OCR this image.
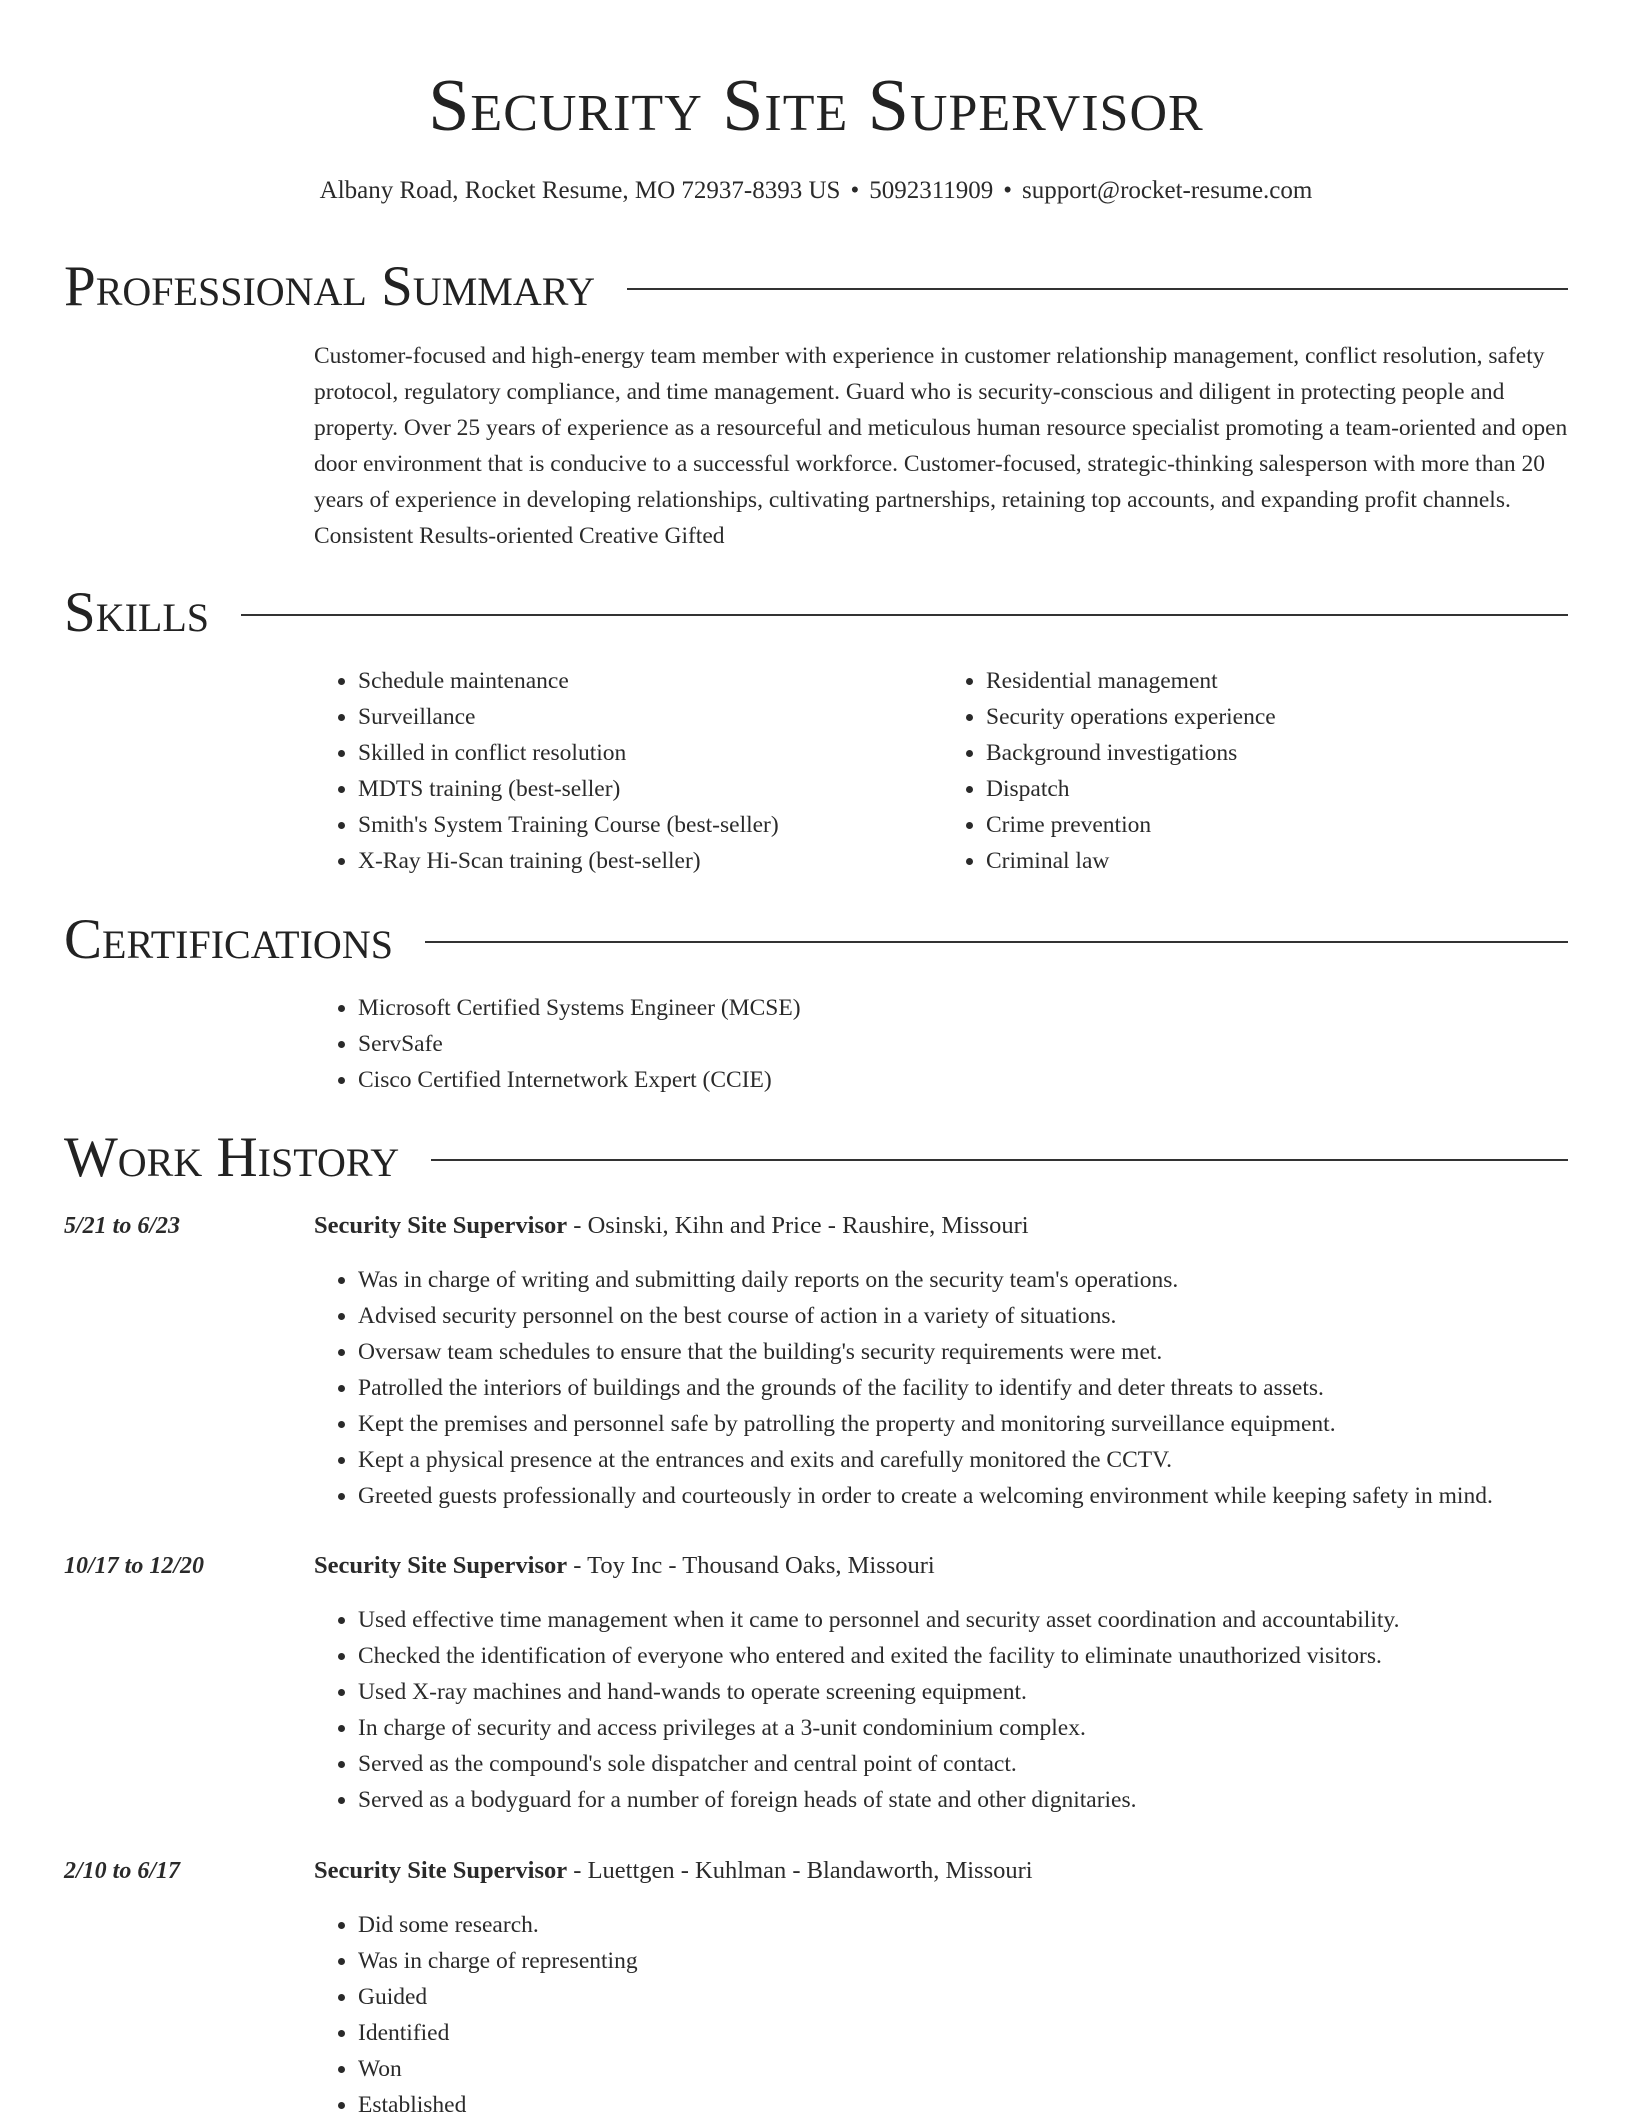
Security Site Supervisor
Albany Road, Rocket Resume, MO 72937-8393 US • 5092311909 • support@rocket-resume.com
Professional Summary

Customer-focused and high-energy team member with experience in customer relationship management, conflict resolution, safety protocol, regulatory compliance, and time management. Guard who is security-conscious and diligent in protecting people and property. Over 25 years of experience as a resourceful and meticulous human resource specialist promoting a team-oriented and open door environment that is conducive to a successful workforce. Customer-focused, strategic-thinking salesperson with more than 20 years of experience in developing relationships, cultivating partnerships, retaining top accounts, and expanding profit channels. Consistent Results-oriented Creative Gifted

Skills
• Schedule maintenance
• Surveillance
• Skilled in conflict resolution
• MDTS training (best-seller)
• Smith's System Training Course (best-seller)
• X-Ray Hi-Scan training (best-seller)
• Residential management
• Security operations experience
• Background investigations
• Dispatch
• Crime prevention
• Criminal law
Certifications
• Microsoft Certified Systems Engineer (MCSE)
• ServSafe
• Cisco Certified Internetwork Expert (CCIE)
Work History
5/21 to 6/23	Security Site Supervisor - Osinski, Kihn and Price - Raushire, Missouri
• Was in charge of writing and submitting daily reports on the security team's operations.
• Advised security personnel on the best course of action in a variety of situations.
• Oversaw team schedules to ensure that the building's security requirements were met.
• Patrolled the interiors of buildings and the grounds of the facility to identify and deter threats to assets.
• Kept the premises and personnel safe by patrolling the property and monitoring surveillance equipment.
• Kept a physical presence at the entrances and exits and carefully monitored the CCTV.
• Greeted guests professionally and courteously in order to create a welcoming environment while keeping safety in mind.
10/17 to 12/20	Security Site Supervisor - Toy Inc - Thousand Oaks, Missouri
• Used effective time management when it came to personnel and security asset coordination and accountability.
• Checked the identification of everyone who entered and exited the facility to eliminate unauthorized visitors.
• Used X-ray machines and hand-wands to operate screening equipment.
• In charge of security and access privileges at a 3-unit condominium complex.
• Served as the compound's sole dispatcher and central point of contact.
• Served as a bodyguard for a number of foreign heads of state and other dignitaries.
2/10 to 6/17	Security Site Supervisor - Luettgen - Kuhlman - Blandaworth, Missouri
• Did some research.
• Was in charge of representing
• Guided
• Identified
• Won
• Established
